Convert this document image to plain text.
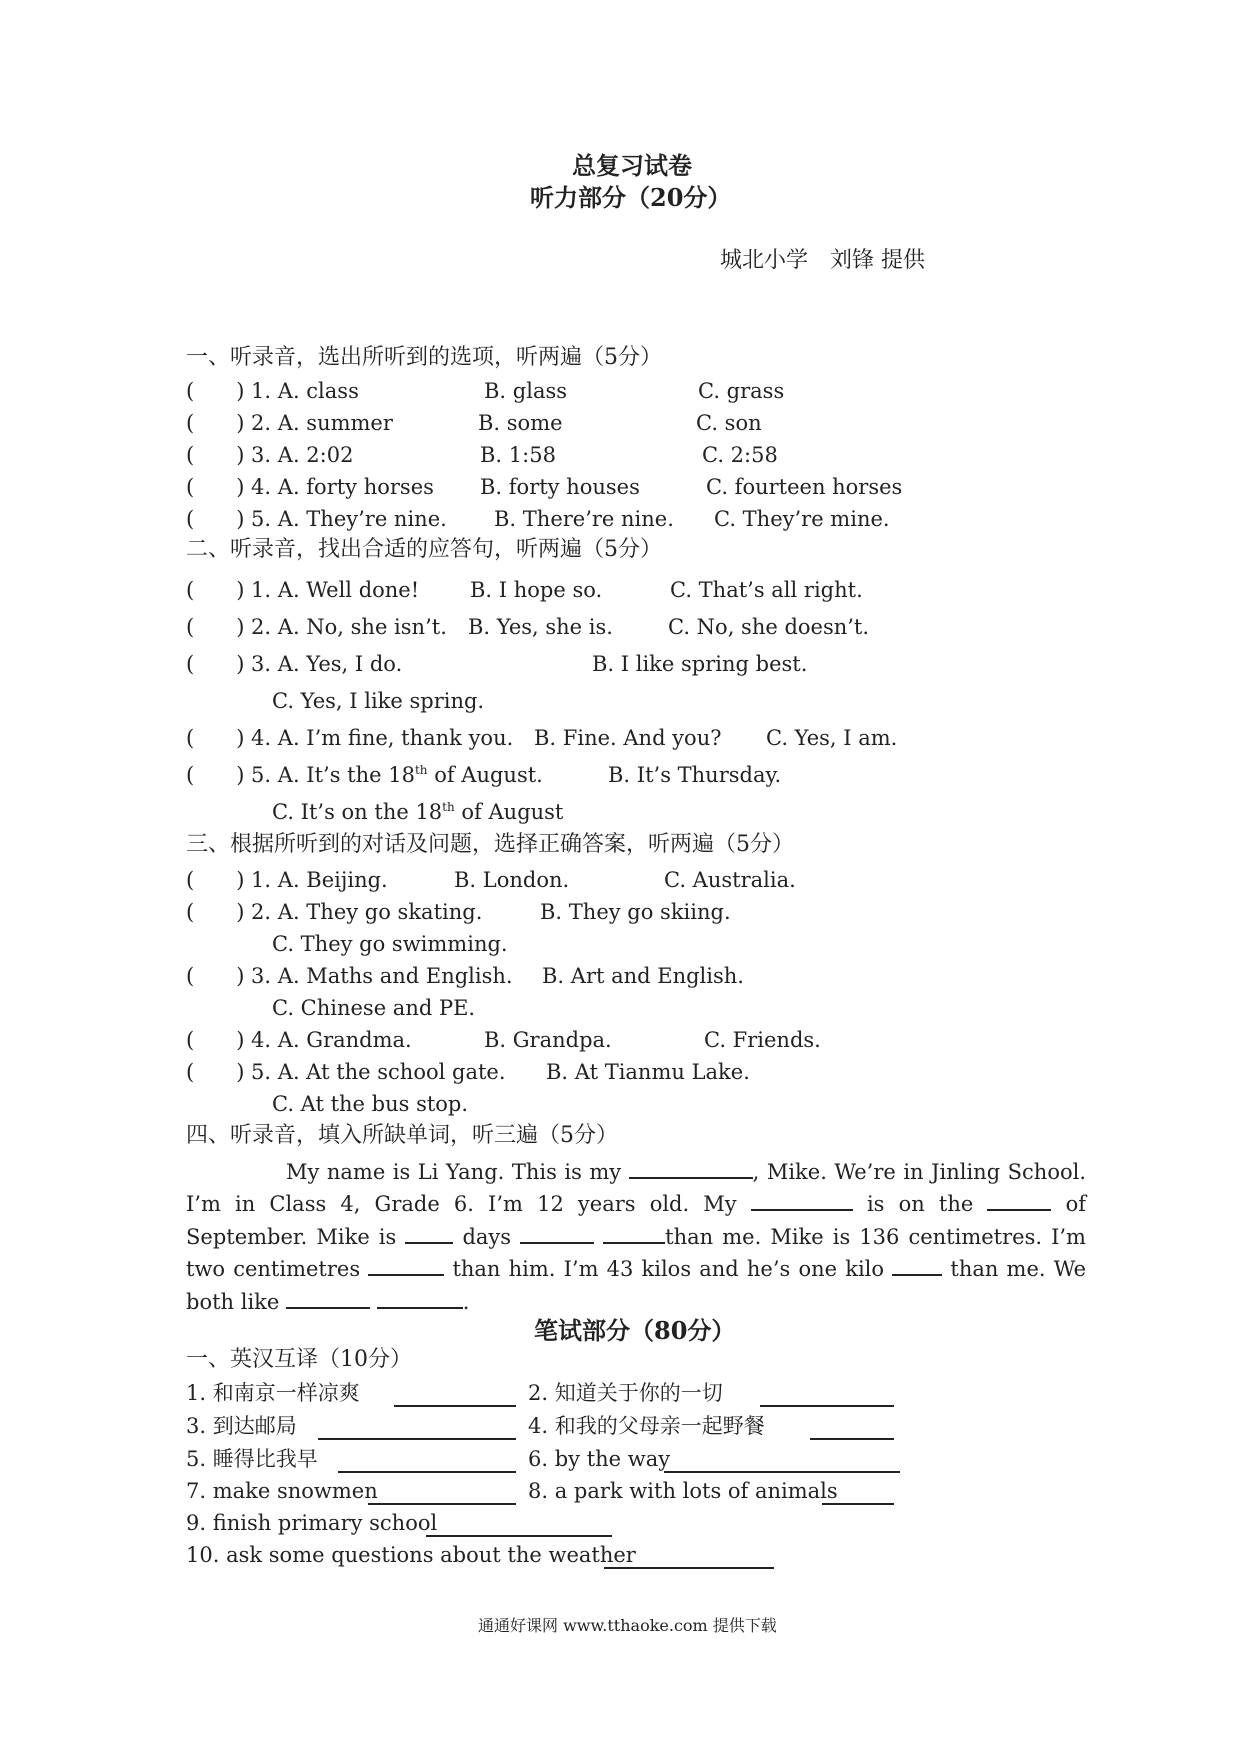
总复习试卷
听力部分（20分）
城北小学　刘锋 提供
一、听录音，选出所听到的选项，听两遍（5分）
(　　) 1. A. class	B. glass	C. grass
(　　) 2. A. summer	B. some	C. son
(　　) 3. A. 2:02	B. 1:58	C. 2:58
(　　) 4. A. forty horses B. forty houses	C. fourteen horses
(　　) 5. A. They’re nine. B. There’re nine. C. They’re mine.
二、听录音，找出合适的应答句，听两遍（5分）
(　　) 1. A. Well done! B. I hope so.	C. That’s all right.
(　　) 2. A. No, she isn’t. B. Yes, she is.	C. No, she doesn’t.
(　　) 3. A. Yes, I do.	B. I like spring best.
C. Yes, I like spring.
(　　) 4. A. I’m fine, thank you. B. Fine. And you? C. Yes, I am.
(　　) 5. A. It’s the 18th of August.	B. It’s Thursday.
C. It’s on the 18th of August
三、根据所听到的对话及问题，选择正确答案，听两遍（5分）
(　　) 1. A. Beijing.	B. London.	C. Australia.
(　　) 2. A. They go skating.	B. They go skiing.
C. They go swimming.
(　　) 3. A. Maths and English. B. Art and English.
C. Chinese and PE.
(　　) 4. A. Grandma.	B. Grandpa.	C. Friends.
(　　) 5. A. At the school gate. B. At Tianmu Lake.
C. At the bus stop.
四、听录音，填入所缺单词，听三遍（5分）
My name is Li Yang. This is my	, Mike. We’re in Jinling School. I’m in Class 4, Grade 6. I’m 12 years old. My	is on the	of September. Mike is	days	than me. Mike is 136 centimetres. I’m two centimetres	than him. I’m 43 kilos and he’s one kilo	than me. We both like	.
笔试部分（80分）
一、英汉互译（10分）
1. 和南京一样凉爽	2. 知道关于你的一切
3. 到达邮局	4. 和我的父母亲一起野餐
5. 睡得比我早	6. by the way
7. make snowmen	8. a park with lots of animals
9. finish primary school
10. ask some questions about the weather
通通好课网 www.tthaoke.com 提供下载
